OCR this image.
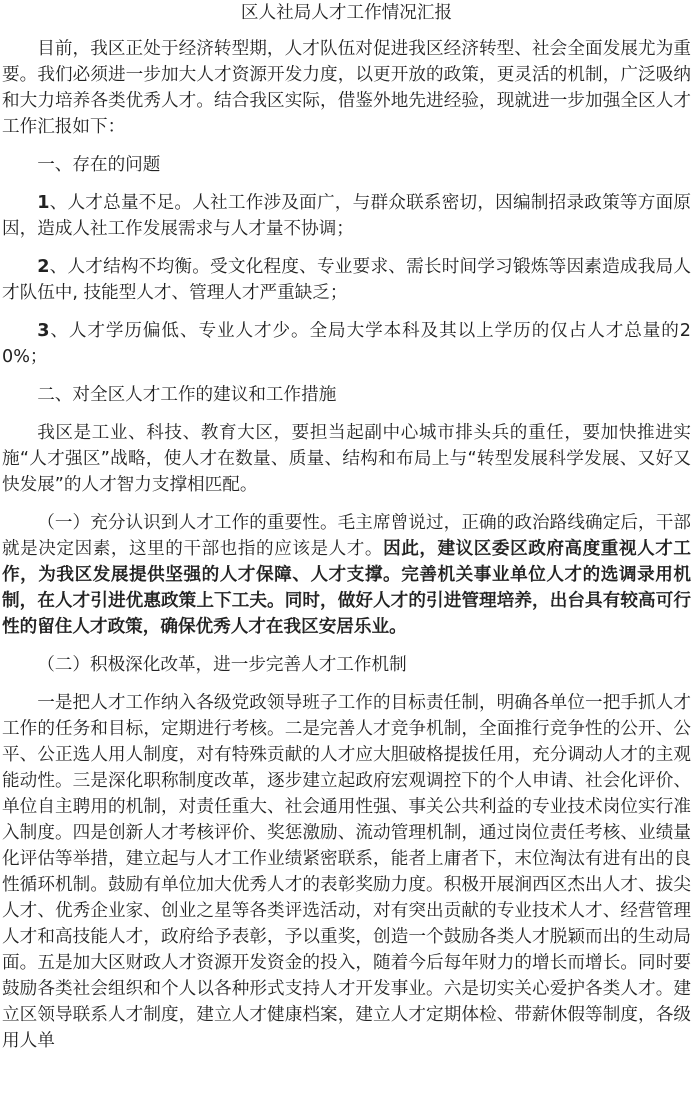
区人社局人才工作情况汇报

目前，我区正处于经济转型期，人才队伍对促进我区经济转型、社会全面发展尤为重要。我们必须进一步加大人才资源开发力度，以更开放的政策，更灵活的机制，广泛吸纳和大力培养各类优秀人才。结合我区实际，借鉴外地先进经验，现就进一步加强全区人才工作汇报如下：

一、存在的问题

1、人才总量不足。人社工作涉及面广，与群众联系密切，因编制招录政策等方面原因，造成人社工作发展需求与人才量不协调；

2、人才结构不均衡。受文化程度、专业要求、需长时间学习锻炼等因素造成我局人才队伍中, 技能型人才、管理人才严重缺乏；

3、人才学历偏低、专业人才少。全局大学本科及其以上学历的仅占人才总量的20%；

二、对全区人才工作的建议和工作措施

我区是工业、科技、教育大区，要担当起副中心城市排头兵的重任，要加快推进实施“人才强区”战略，使人才在数量、质量、结构和布局上与“转型发展科学发展、又好又快发展”的人才智力支撑相匹配。

（一）充分认识到人才工作的重要性。毛主席曾说过，正确的政治路线确定后，干部就是决定因素，这里的干部也指的应该是人才。因此，建议区委区政府高度重视人才工作，为我区发展提供坚强的人才保障、人才支撑。完善机关事业单位人才的选调录用机制，在人才引进优惠政策上下工夫。同时，做好人才的引进管理培养，出台具有较高可行性的留住人才政策，确保优秀人才在我区安居乐业。

（二）积极深化改革，进一步完善人才工作机制

一是把人才工作纳入各级党政领导班子工作的目标责任制，明确各单位一把手抓人才工作的任务和目标，定期进行考核。二是完善人才竞争机制，全面推行竞争性的公开、公平、公正选人用人制度，对有特殊贡献的人才应大胆破格提拔任用，充分调动人才的主观能动性。三是深化职称制度改革，逐步建立起政府宏观调控下的个人申请、社会化评价、单位自主聘用的机制，对责任重大、社会通用性强、事关公共利益的专业技术岗位实行准入制度。四是创新人才考核评价、奖惩激励、流动管理机制，通过岗位责任考核、业绩量化评估等举措，建立起与人才工作业绩紧密联系，能者上庸者下，末位淘汰有进有出的良性循环机制。鼓励有单位加大优秀人才的表彰奖励力度。积极开展涧西区杰出人才、拔尖人才、优秀企业家、创业之星等各类评选活动，对有突出贡献的专业技术人才、经营管理人才和高技能人才，政府给予表彰，予以重奖，创造一个鼓励各类人才脱颖而出的生动局面。五是加大区财政人才资源开发资金的投入，随着今后每年财力的增长而增长。同时要鼓励各类社会组织和个人以各种形式支持人才开发事业。六是切实关心爱护各类人才。建立区领导联系人才制度，建立人才健康档案，建立人才定期体检、带薪休假等制度，各级用人单
